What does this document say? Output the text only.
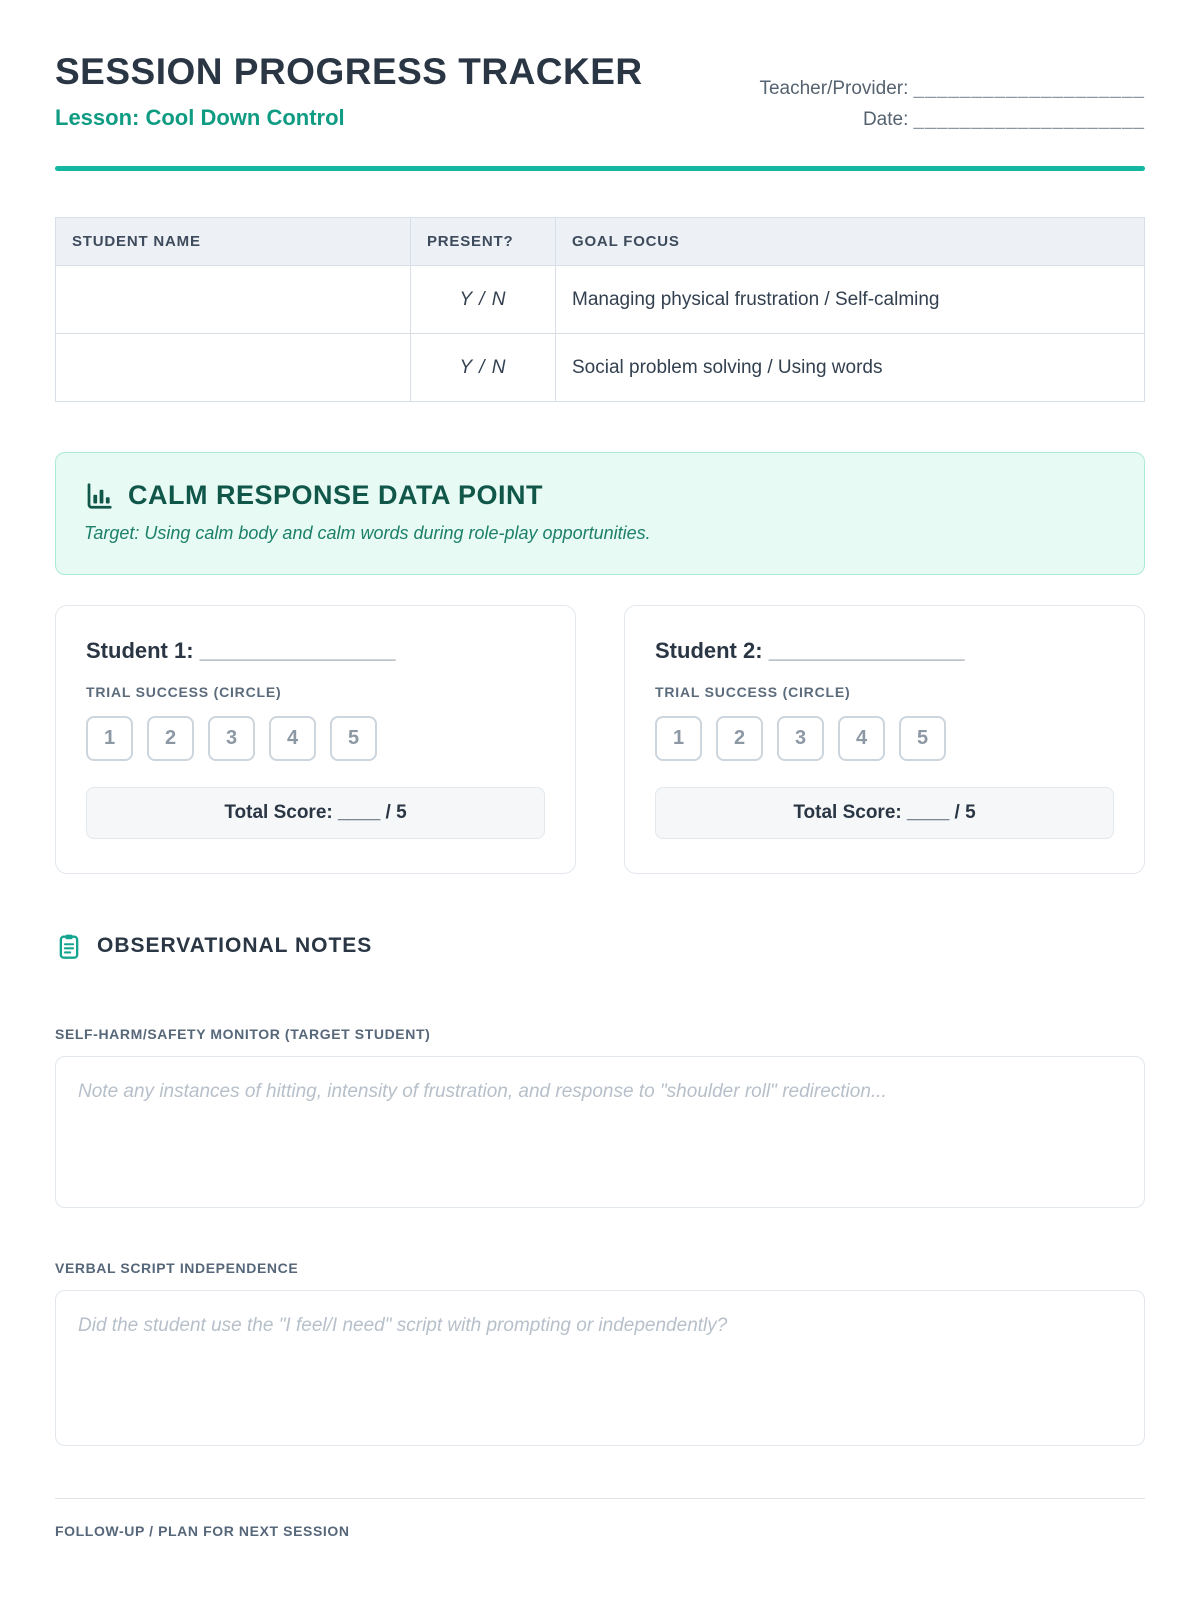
SESSION PROGRESS TRACKER
Lesson: Cool Down Control
Teacher/Provider: ____________________
Date: ____________________
STUDENT NAME	PRESENT?	GOAL FOCUS
	Y / N	Managing physical frustration / Self-calming
	Y / N	Social problem solving / Using words
CALM RESPONSE DATA POINT
Target: Using calm body and calm words during role-play opportunities.
Student 1: ________________
TRIAL SUCCESS (CIRCLE)
1	2	3	4	5
Total Score: ____ / 5
Student 2: ________________
TRIAL SUCCESS (CIRCLE)
1	2	3	4	5
Total Score: ____ / 5
OBSERVATIONAL NOTES
SELF-HARM/SAFETY MONITOR (TARGET STUDENT)
Note any instances of hitting, intensity of frustration, and response to "shoulder roll" redirection...
VERBAL SCRIPT INDEPENDENCE
Did the student use the "I feel/I need" script with prompting or independently?
FOLLOW-UP / PLAN FOR NEXT SESSION
